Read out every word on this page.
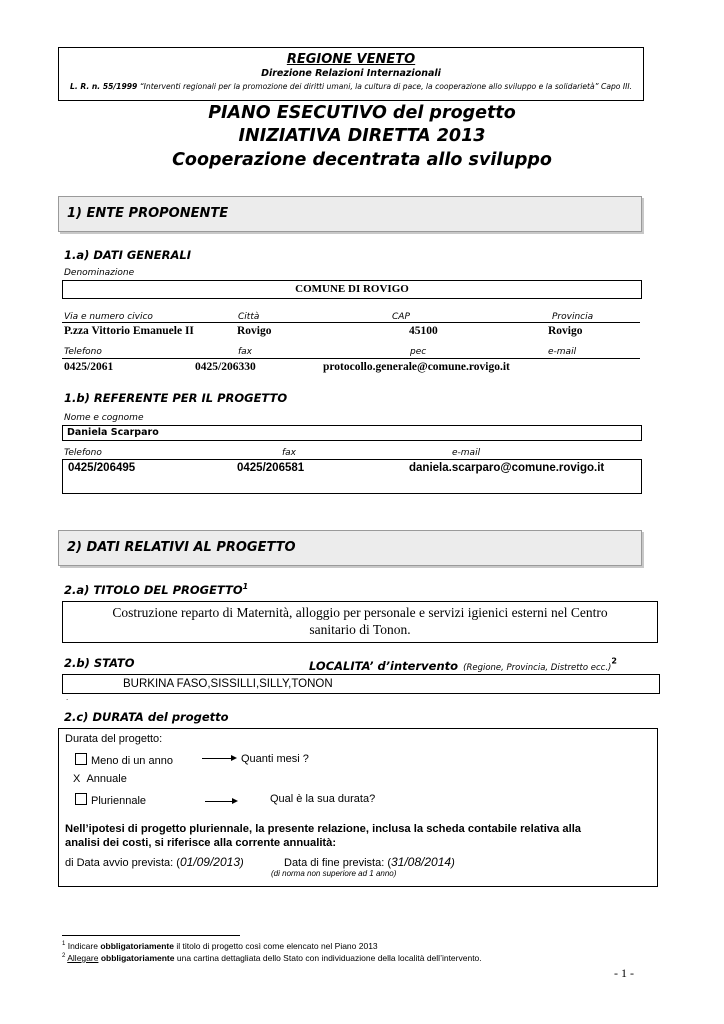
REGIONE VENETO
Direzione Relazioni Internazionali
L. R. n. 55/1999 “Interventi regionali per la promozione dei diritti umani, la cultura di pace, la cooperazione allo sviluppo e la solidarietà” Capo III.
PIANO ESECUTIVO del progetto
INIZIATIVA DIRETTA 2013
Cooperazione decentrata allo sviluppo
1) ENTE PROPONENTE
1.a) DATI GENERALI
Denominazione
COMUNE DI ROVIGO
Via e numero civico	Città	CAP	Provincia
P.zza Vittorio Emanuele II	Rovigo	45100	Rovigo
Telefono	fax	pec	e-mail
0425/2061	0425/206330	protocollo.generale@comune.rovigo.it
1.b) REFERENTE PER IL PROGETTO
Nome e cognome
Daniela Scarparo
Telefono	fax	e-mail
0425/206495	0425/206581	daniela.scarparo@comune.rovigo.it
2) DATI RELATIVI AL PROGETTO
2.a) TITOLO DEL PROGETTO$^1$
Costruzione reparto di Maternità, alloggio per personale e servizi igienici esterni nel Centro
sanitario di Tonon.
2.b) STATO	LOCALITA’ d’intervento (Regione, Provincia, Distretto ecc.)$^2$
BURKINA FASO,SISSILLI,SILLY,TONON
.
2.c) DURATA del progetto
Durata del progetto:
Meno di un anno	Quanti mesi ?
X Annuale
Pluriennale	Qual è la sua durata?
Nell’ipotesi di progetto pluriennale, la presente relazione, inclusa la scheda contabile relativa alla
analisi dei costi, si riferisce alla corrente annualità:
di Data avvio prevista: (01/09/2013)	Data di fine prevista: (31/08/2014)
(di norma non superiore ad 1 anno)
$^1$ Indicare obbligatoriamente il titolo di progetto così come elencato nel Piano 2013
$^2$ Allegare obbligatoriamente una cartina dettagliata dello Stato con individuazione della località dell’intervento.
- 1 -
